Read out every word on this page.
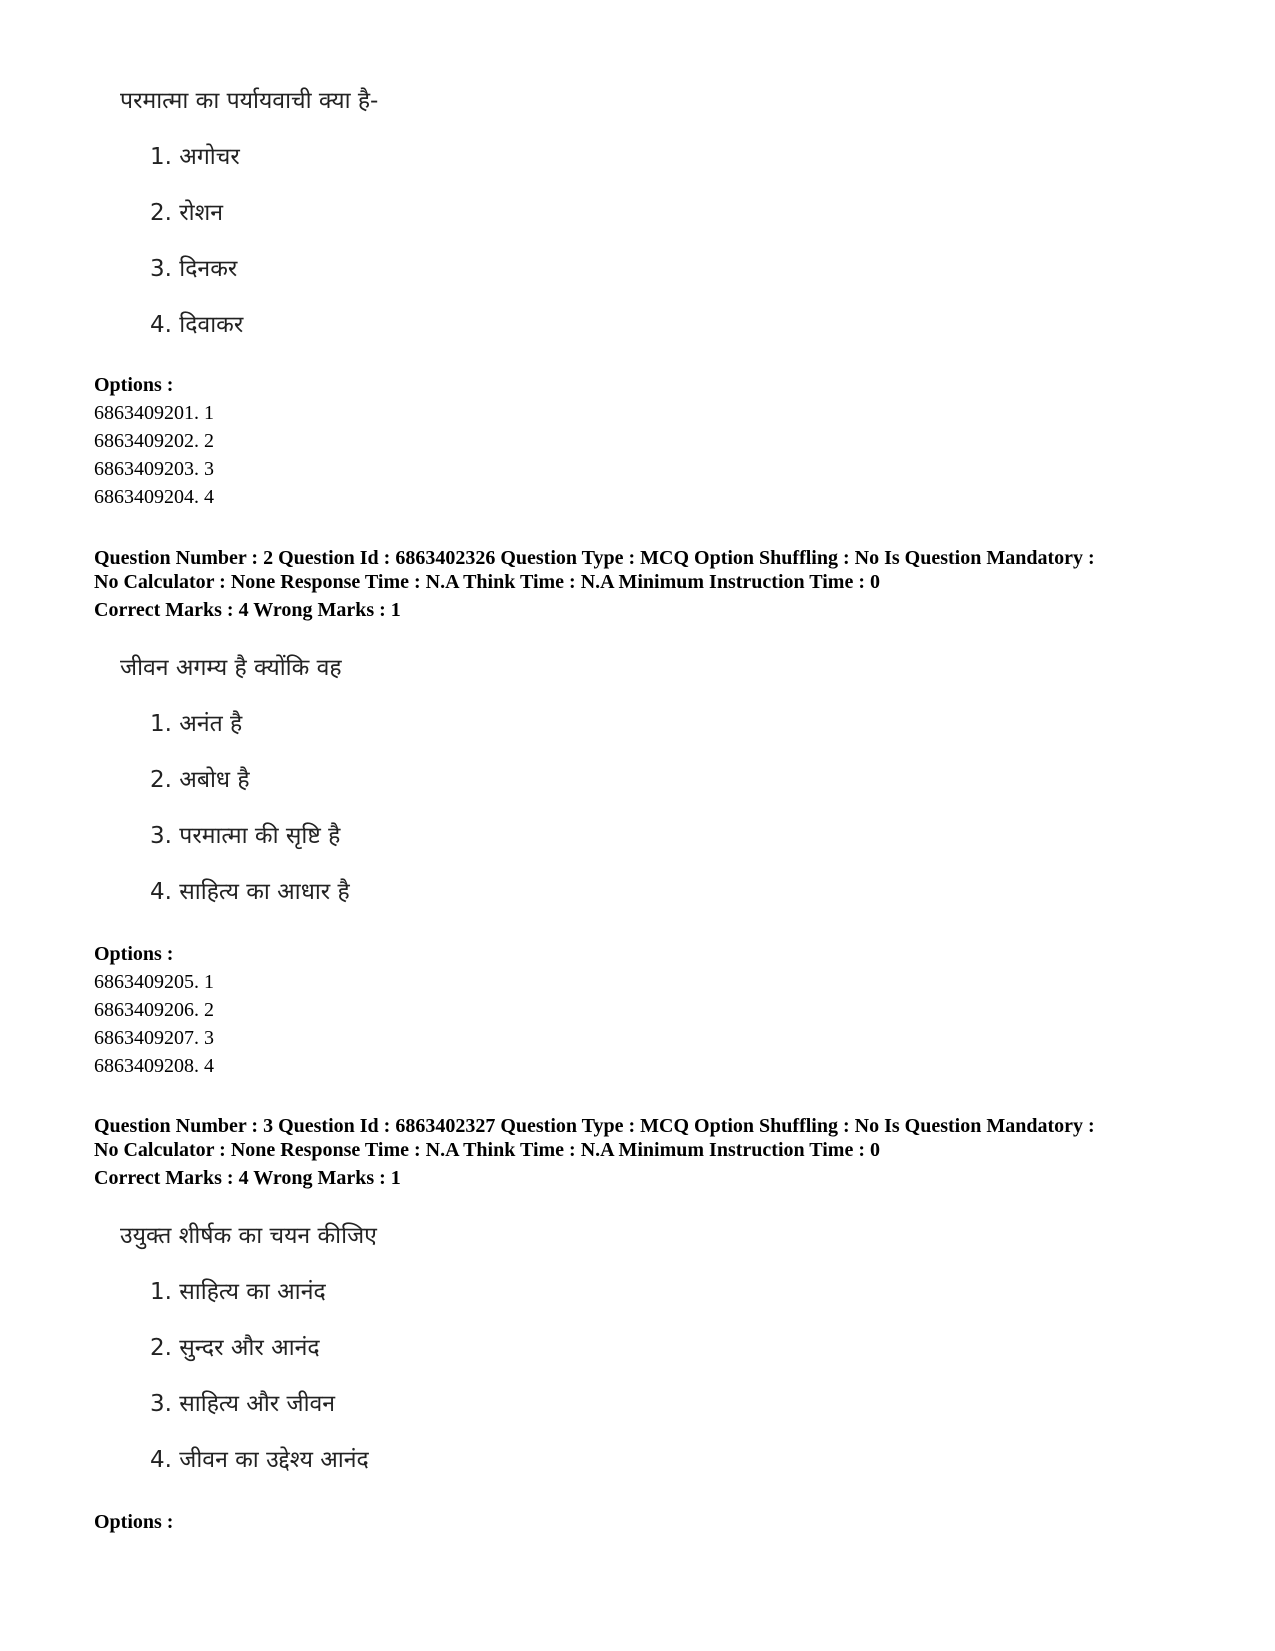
परमात्मा का पर्यायवाची क्या है-
1. अगोचर
2. रोशन
3. दिनकर
4. दिवाकर
Options :
6863409201. 1
6863409202. 2
6863409203. 3
6863409204. 4
Question Number : 2 Question Id : 6863402326 Question Type : MCQ Option Shuffling : No Is Question Mandatory :
No Calculator : None Response Time : N.A Think Time : N.A Minimum Instruction Time : 0
Correct Marks : 4 Wrong Marks : 1
जीवन अगम्य है क्योंकि वह
1. अनंत है
2. अबोध है
3. परमात्मा की सृष्टि है
4. साहित्य का आधार है
Options :
6863409205. 1
6863409206. 2
6863409207. 3
6863409208. 4
Question Number : 3 Question Id : 6863402327 Question Type : MCQ Option Shuffling : No Is Question Mandatory :
No Calculator : None Response Time : N.A Think Time : N.A Minimum Instruction Time : 0
Correct Marks : 4 Wrong Marks : 1
उयुक्त शीर्षक का चयन कीजिए
1. साहित्य का आनंद
2. सुन्दर और आनंद
3. साहित्य और जीवन
4. जीवन का उद्देश्य आनंद
Options :
